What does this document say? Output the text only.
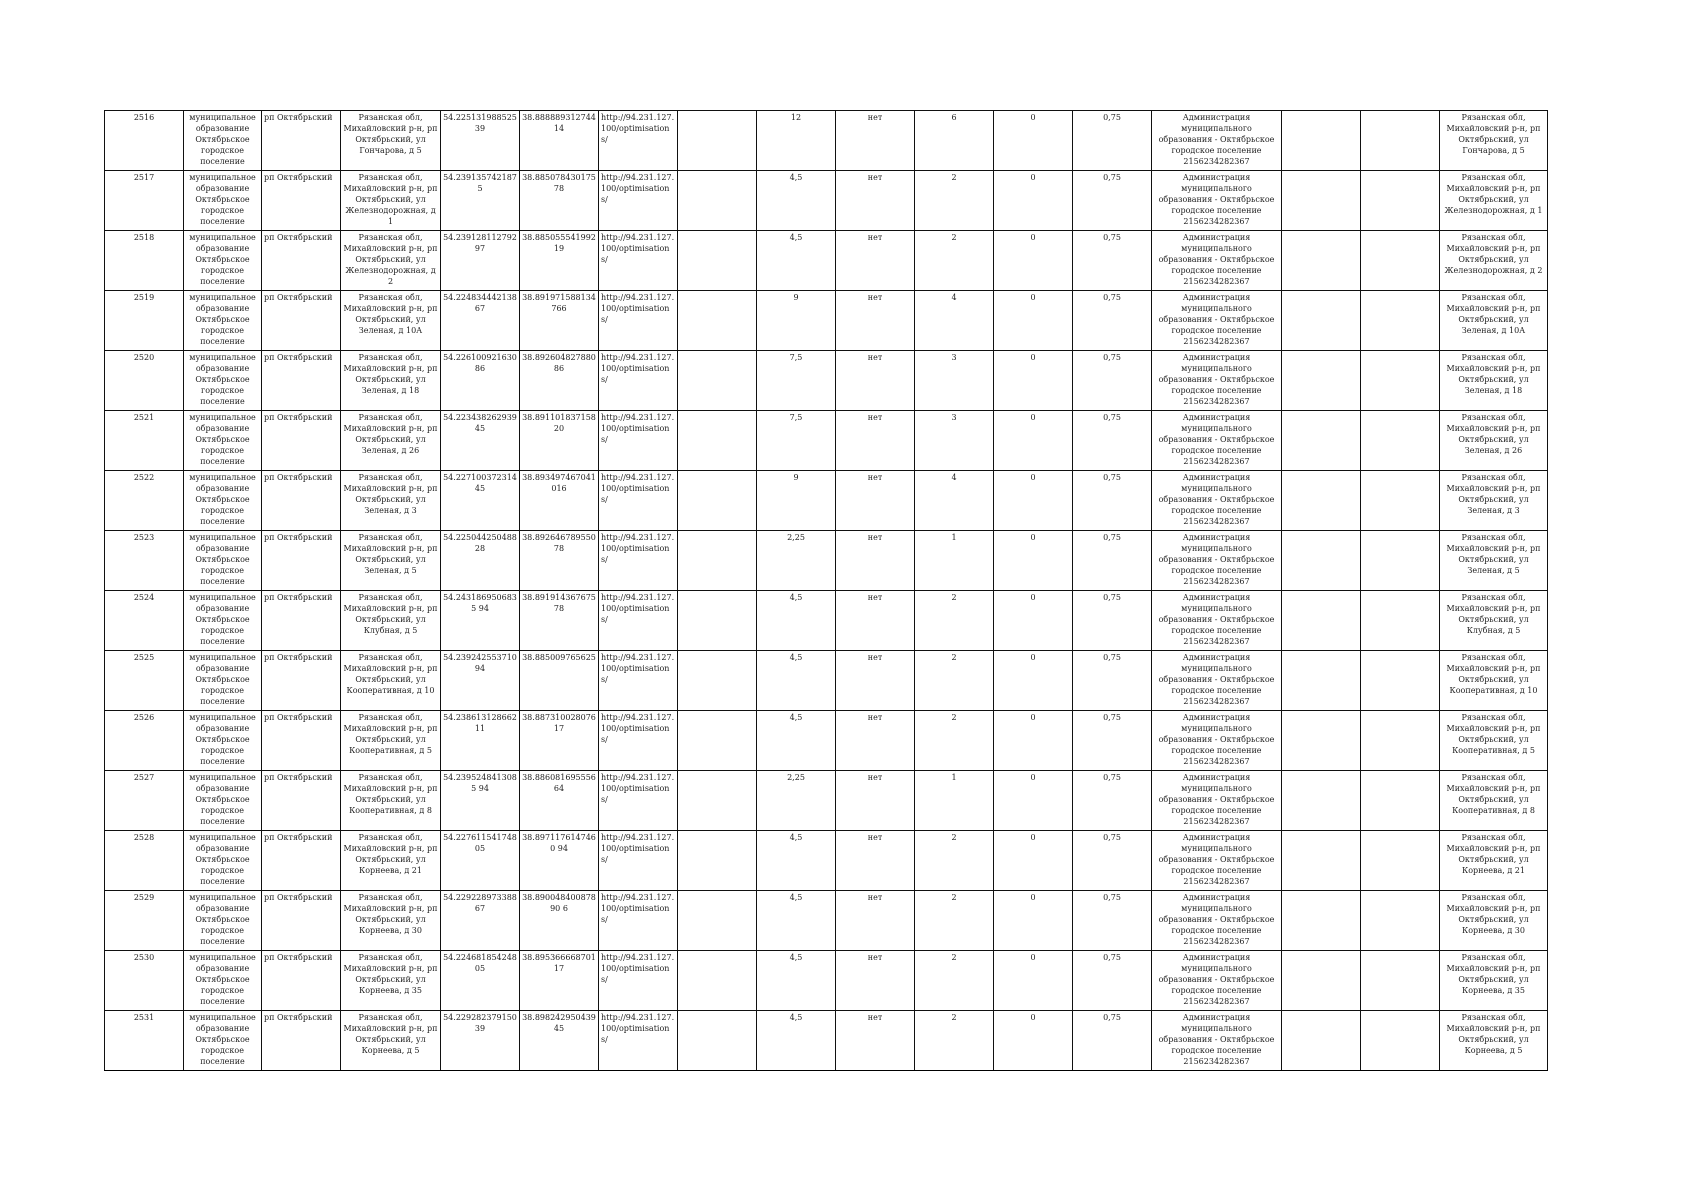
2516	муниципальное образование Октябрьское городское поселение	рп Октябрьский	Рязанская обл, Михайловский р-н, рп Октябрьский, ул Гончарова, д 5	54.22513198852539	38.88888931274414	http://94.231.127.100/optimisations/		12	нет	6	0	0,75	Администрация муниципального образования - Октябрьское городское поселение 2156234282367			Рязанская обл, Михайловский р-н, рп Октябрьский, ул Гончарова, д 5
2517	муниципальное образование Октябрьское городское поселение	рп Октябрьский	Рязанская обл, Михайловский р-н, рп Октябрьский, ул Железнодорожная, д 1	54.2391357421875	38.88507843017578	http://94.231.127.100/optimisations/		4,5	нет	2	0	0,75	Администрация муниципального образования - Октябрьское городское поселение 2156234282367			Рязанская обл, Михайловский р-н, рп Октябрьский, ул Железнодорожная, д 1
2518	муниципальное образование Октябрьское городское поселение	рп Октябрьский	Рязанская обл, Михайловский р-н, рп Октябрьский, ул Железнодорожная, д 2	54.23912811279297	38.88505554199219	http://94.231.127.100/optimisations/		4,5	нет	2	0	0,75	Администрация муниципального образования - Октябрьское городское поселение 2156234282367			Рязанская обл, Михайловский р-н, рп Октябрьский, ул Железнодорожная, д 2
2519	муниципальное образование Октябрьское городское поселение	рп Октябрьский	Рязанская обл, Михайловский р-н, рп Октябрьский, ул Зеленая, д 10А	54.22483444213867	38.891971588134766	http://94.231.127.100/optimisations/		9	нет	4	0	0,75	Администрация муниципального образования - Октябрьское городское поселение 2156234282367			Рязанская обл, Михайловский р-н, рп Октябрьский, ул Зеленая, д 10А
2520	муниципальное образование Октябрьское городское поселение	рп Октябрьский	Рязанская обл, Михайловский р-н, рп Октябрьский, ул Зеленая, д 18	54.22610092163086	38.89260482788086	http://94.231.127.100/optimisations/		7,5	нет	3	0	0,75	Администрация муниципального образования - Октябрьское городское поселение 2156234282367			Рязанская обл, Михайловский р-н, рп Октябрьский, ул Зеленая, д 18
2521	муниципальное образование Октябрьское городское поселение	рп Октябрьский	Рязанская обл, Михайловский р-н, рп Октябрьский, ул Зеленая, д 26	54.22343826293945	38.89110183715820	http://94.231.127.100/optimisations/		7,5	нет	3	0	0,75	Администрация муниципального образования - Октябрьское городское поселение 2156234282367			Рязанская обл, Михайловский р-н, рп Октябрьский, ул Зеленая, д 26
2522	муниципальное образование Октябрьское городское поселение	рп Октябрьский	Рязанская обл, Михайловский р-н, рп Октябрьский, ул Зеленая, д 3	54.22710037231445	38.893497467041016	http://94.231.127.100/optimisations/		9	нет	4	0	0,75	Администрация муниципального образования - Октябрьское городское поселение 2156234282367			Рязанская обл, Михайловский р-н, рп Октябрьский, ул Зеленая, д 3
2523	муниципальное образование Октябрьское городское поселение	рп Октябрьский	Рязанская обл, Михайловский р-н, рп Октябрьский, ул Зеленая, д 5	54.22504425048828	38.89264678955078	http://94.231.127.100/optimisations/		2,25	нет	1	0	0,75	Администрация муниципального образования - Октябрьское городское поселение 2156234282367			Рязанская обл, Михайловский р-н, рп Октябрьский, ул Зеленая, д 5
2524	муниципальное образование Октябрьское городское поселение	рп Октябрьский	Рязанская обл, Михайловский р-н, рп Октябрьский, ул Клубная, д 5	54.2431869506835 94	38.89191436767578	http://94.231.127.100/optimisations/		4,5	нет	2	0	0,75	Администрация муниципального образования - Октябрьское городское поселение 2156234282367			Рязанская обл, Михайловский р-н, рп Октябрьский, ул Клубная, д 5
2525	муниципальное образование Октябрьское городское поселение	рп Октябрьский	Рязанская обл, Михайловский р-н, рп Октябрьский, ул Кооперативная, д 10	54.23924255371094	38.885009765625	http://94.231.127.100/optimisations/		4,5	нет	2	0	0,75	Администрация муниципального образования - Октябрьское городское поселение 2156234282367			Рязанская обл, Михайловский р-н, рп Октябрьский, ул Кооперативная, д 10
2526	муниципальное образование Октябрьское городское поселение	рп Октябрьский	Рязанская обл, Михайловский р-н, рп Октябрьский, ул Кооперативная, д 5	54.23861312866211	38.88731002807617	http://94.231.127.100/optimisations/		4,5	нет	2	0	0,75	Администрация муниципального образования - Октябрьское городское поселение 2156234282367			Рязанская обл, Михайловский р-н, рп Октябрьский, ул Кооперативная, д 5
2527	муниципальное образование Октябрьское городское поселение	рп Октябрьский	Рязанская обл, Михайловский р-н, рп Октябрьский, ул Кооперативная, д 8	54.2395248413085 94	38.88608169555664	http://94.231.127.100/optimisations/		2,25	нет	1	0	0,75	Администрация муниципального образования - Октябрьское городское поселение 2156234282367			Рязанская обл, Михайловский р-н, рп Октябрьский, ул Кооперативная, д 8
2528	муниципальное образование Октябрьское городское поселение	рп Октябрьский	Рязанская обл, Михайловский р-н, рп Октябрьский, ул Корнеева, д 21	54.22761154174805	38.8971176147460 94	http://94.231.127.100/optimisations/		4,5	нет	2	0	0,75	Администрация муниципального образования - Октябрьское городское поселение 2156234282367			Рязанская обл, Михайловский р-н, рп Октябрьский, ул Корнеева, д 21
2529	муниципальное образование Октябрьское городское поселение	рп Октябрьский	Рязанская обл, Михайловский р-н, рп Октябрьский, ул Корнеева, д 30	54.22922897338867	38.89004840087890 6	http://94.231.127.100/optimisations/		4,5	нет	2	0	0,75	Администрация муниципального образования - Октябрьское городское поселение 2156234282367			Рязанская обл, Михайловский р-н, рп Октябрьский, ул Корнеева, д 30
2530	муниципальное образование Октябрьское городское поселение	рп Октябрьский	Рязанская обл, Михайловский р-н, рп Октябрьский, ул Корнеева, д 35	54.22468185424805	38.89536666870117	http://94.231.127.100/optimisations/		4,5	нет	2	0	0,75	Администрация муниципального образования - Октябрьское городское поселение 2156234282367			Рязанская обл, Михайловский р-н, рп Октябрьский, ул Корнеева, д 35
2531	муниципальное образование Октябрьское городское поселение	рп Октябрьский	Рязанская обл, Михайловский р-н, рп Октябрьский, ул Корнеева, д 5	54.22928237915039	38.89824295043945	http://94.231.127.100/optimisations/		4,5	нет	2	0	0,75	Администрация муниципального образования - Октябрьское городское поселение 2156234282367			Рязанская обл, Михайловский р-н, рп Октябрьский, ул Корнеева, д 5
